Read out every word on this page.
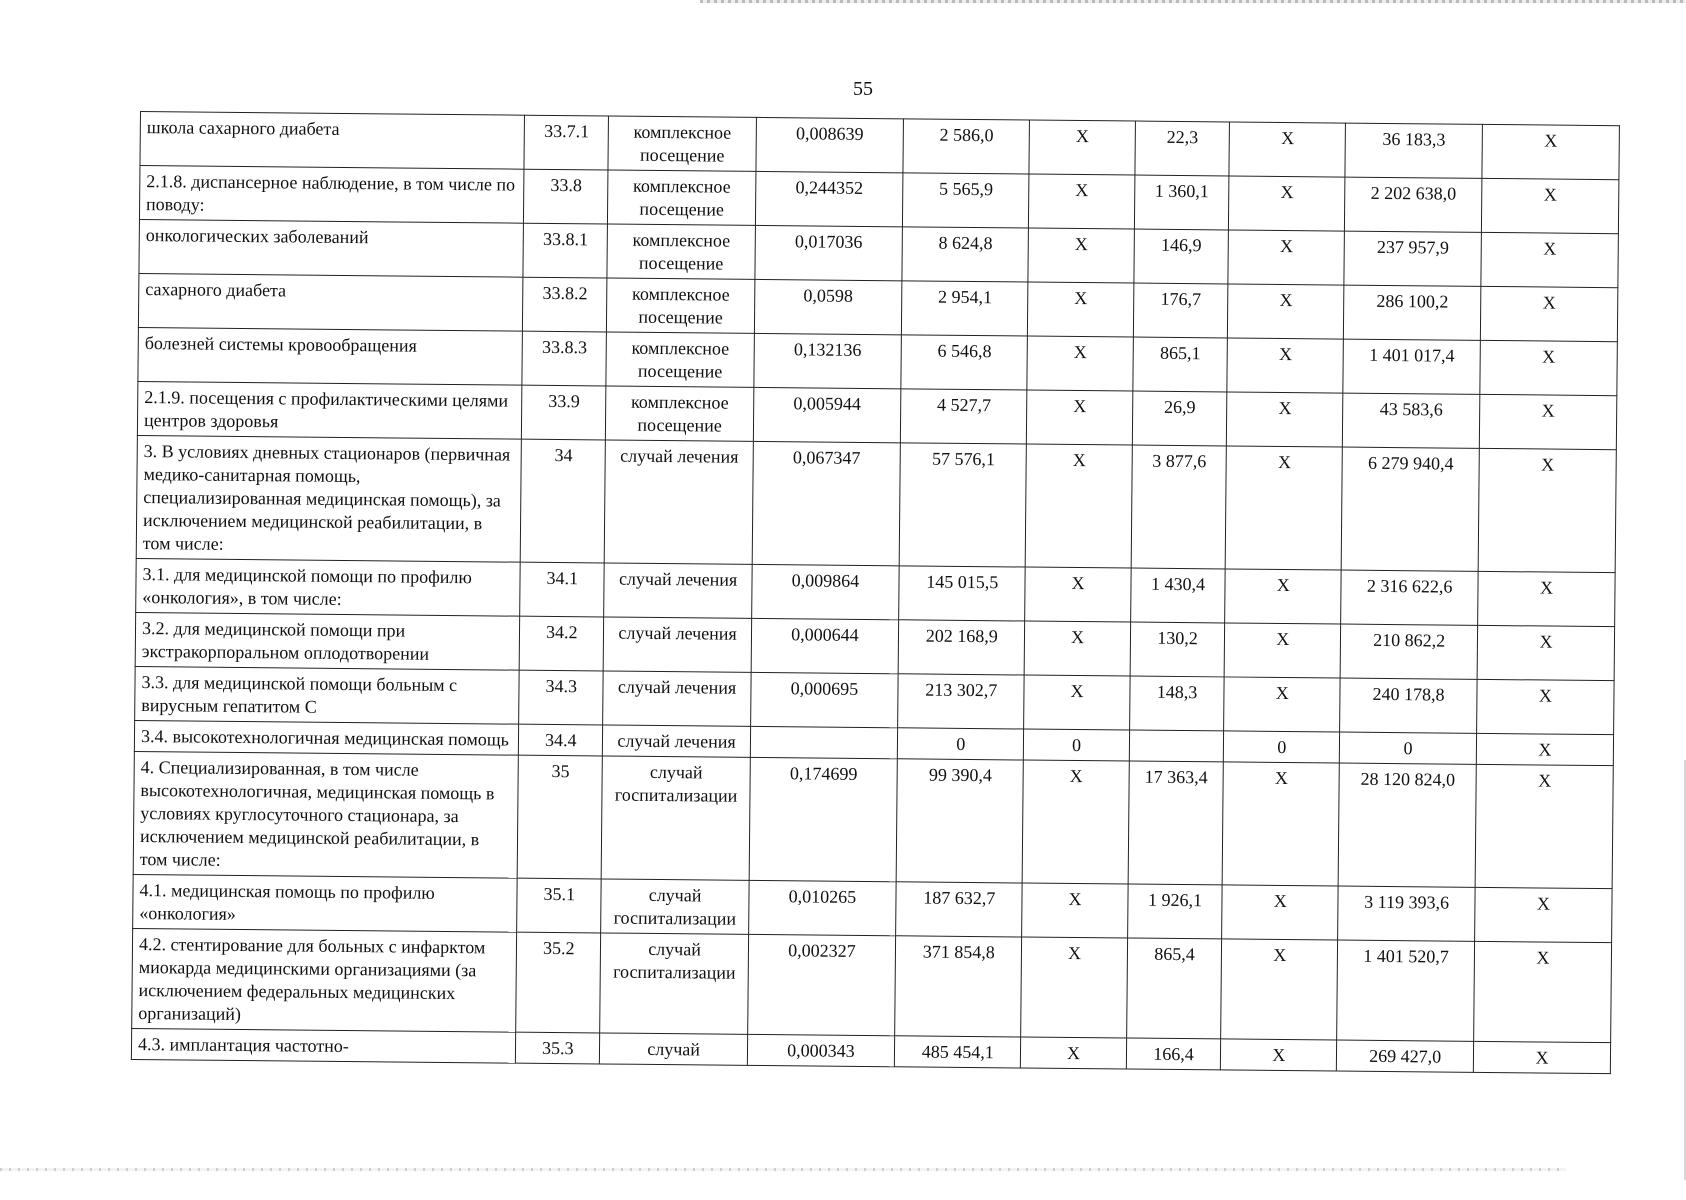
55
школа сахарного диабета	33.7.1	комплексное посещение	0,008639	2 586,0	X	22,3	X	36 183,3	X
2.1.8. диспансерное наблюдение, в том числе по поводу:	33.8	комплексное посещение	0,244352	5 565,9	X	1 360,1	X	2 202 638,0	X
онкологических заболеваний	33.8.1	комплексное посещение	0,017036	8 624,8	X	146,9	X	237 957,9	X
сахарного диабета	33.8.2	комплексное посещение	0,0598	2 954,1	X	176,7	X	286 100,2	X
болезней системы кровообращения	33.8.3	комплексное посещение	0,132136	6 546,8	X	865,1	X	1 401 017,4	X
2.1.9. посещения с профилактическими целями центров здоровья	33.9	комплексное посещение	0,005944	4 527,7	X	26,9	X	43 583,6	X
3. В условиях дневных стационаров (первичная медико-санитарная помощь, специализированная медицинская помощь), за исключением медицинской реабилитации, в том числе:	34	случай лечения	0,067347	57 576,1	X	3 877,6	X	6 279 940,4	X
3.1. для медицинской помощи по профилю «онкология», в том числе:	34.1	случай лечения	0,009864	145 015,5	X	1 430,4	X	2 316 622,6	X
3.2. для медицинской помощи при экстракорпоральном оплодотворении	34.2	случай лечения	0,000644	202 168,9	X	130,2	X	210 862,2	X
3.3. для медицинской помощи больным с вирусным гепатитом С	34.3	случай лечения	0,000695	213 302,7	X	148,3	X	240 178,8	X
3.4. высокотехнологичная медицинская помощь	34.4	случай лечения		0	0		0	0	X
4. Специализированная, в том числе высокотехнологичная, медицинская помощь в условиях круглосуточного стационара, за исключением медицинской реабилитации, в том числе:	35	случай госпитализации	0,174699	99 390,4	X	17 363,4	X	28 120 824,0	X
4.1. медицинская помощь по профилю «онкология»	35.1	случай госпитализации	0,010265	187 632,7	X	1 926,1	X	3 119 393,6	X
4.2. стентирование для больных с инфарктом миокарда медицинскими организациями (за исключением федеральных медицинских организаций)	35.2	случай госпитализации	0,002327	371 854,8	X	865,4	X	1 401 520,7	X
4.3. имплантация частотно-	35.3	случай	0,000343	485 454,1	X	166,4	X	269 427,0	X
